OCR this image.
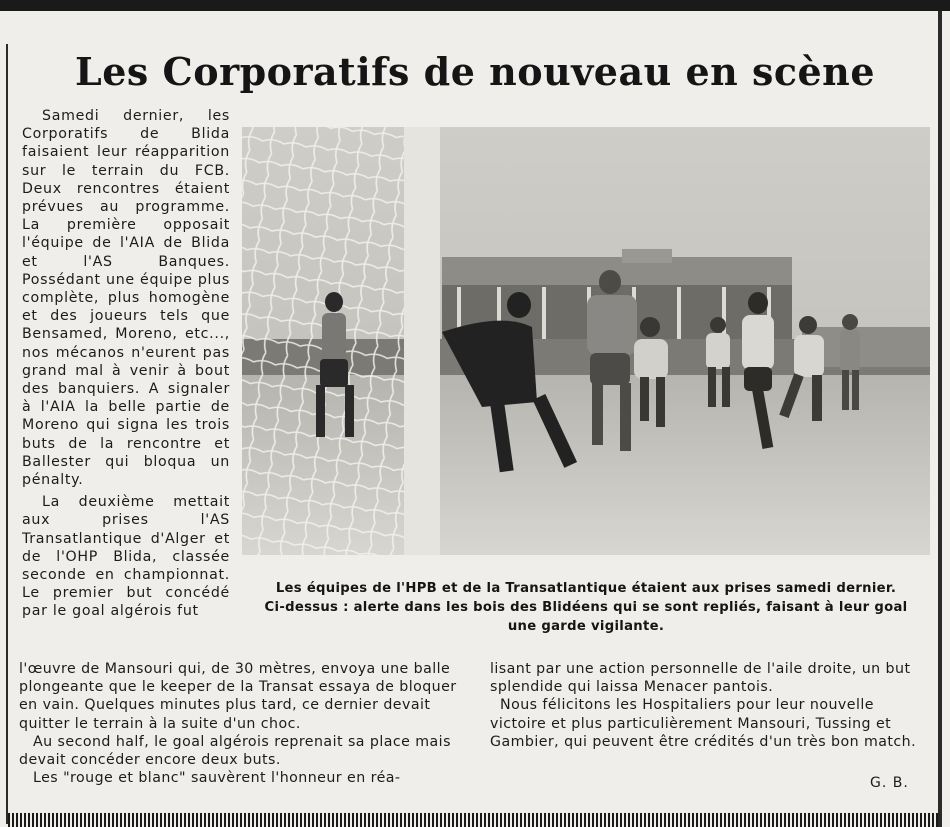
Les Corporatifs de nouveau en scène

Samedi dernier, les Corporatifs de Blida faisaient leur réapparition sur le terrain du FCB. Deux rencontres étaient prévues au programme. La première opposait l'équipe de l'AIA de Blida et l'AS Banques. Possédant une équipe plus complète, plus homogène et des joueurs tels que Bensamed, Moreno, etc..., nos mécanos n'eurent pas grand mal à venir à bout des banquiers. A signaler à l'AIA la belle partie de Moreno qui signa les trois buts de la rencontre et Ballester qui bloqua un pénalty.

La deuxième mettait aux prises l'AS Transatlantique d'Alger et de l'OHP Blida, classée seconde en championnat. Le premier but concédé par le goal algérois fut

Les équipes de l'HPB et de la Transatlantique étaient aux prises samedi dernier.
Ci-dessus : alerte dans les bois des Blidéens qui se sont repliés, faisant à leur goal
une garde vigilante.

l'œuvre de Mansouri qui, de 30 mètres, envoya une balle plongeante que le keeper de la Transat essaya de bloquer en vain. Quelques minutes plus tard, ce dernier devait quitter le terrain à la suite d'un choc.

Au second half, le goal algérois reprenait sa place mais devait concéder encore deux buts.

Les "rouge et blanc" sauvèrent l'honneur en réa-

lisant par une action personnelle de l'aile droite, un but splendide qui laissa Menacer pantois.

Nous félicitons les Hospitaliers pour leur nouvelle victoire et plus particulièrement Mansouri, Tussing et Gambier, qui peuvent être crédités d'un très bon match.

G. B.
